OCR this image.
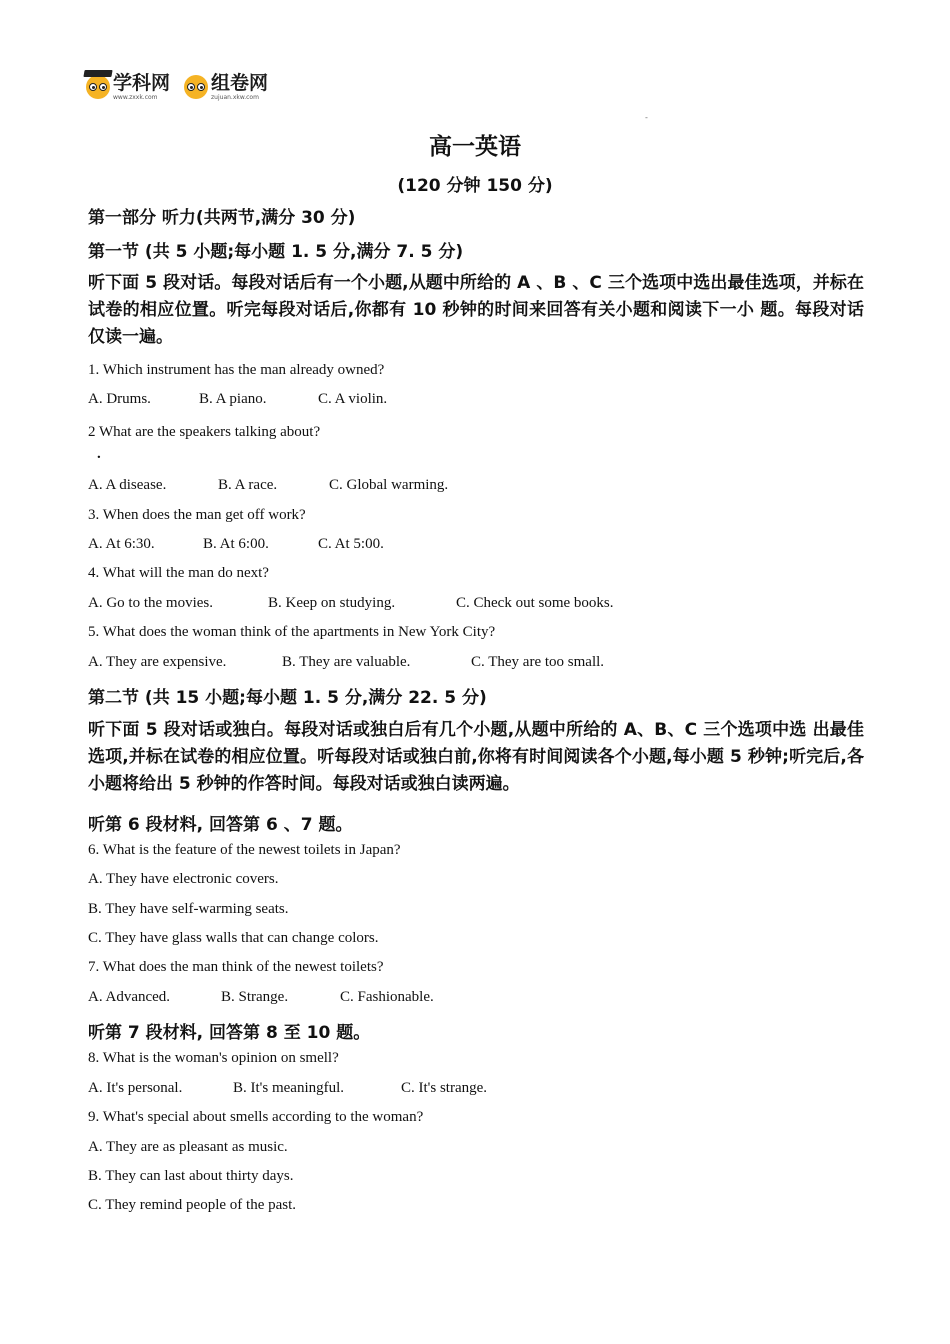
学科网
www.zxxk.com
组卷网
zujuan.xkw.com
-
高一英语
(120 分钟 150 分)
第一部分 听力(共两节,满分 30 分)
第一节 (共 5 小题;每小题 1. 5 分,满分 7. 5 分)
听下面 5 段对话。每段对话后有一个小题,从题中所给的 A 、B 、C 三个选项中选出最佳选项，并标在试卷的相应位置。听完每段对话后,你都有 10 秒钟的时间来回答有关小题和阅读下一小 题。每段对话仅读一遍。
1. Which instrument has the man already owned?
A. Drums.	B. A piano.	C. A violin.
2 What are the speakers talking about?
.
A. A disease.	B. A race.	C. Global warming.
3. When does the man get off work?
A. At 6:30.	B. At 6:00.	C. At 5:00.
4. What will the man do next?
A. Go to the movies.	B. Keep on studying.	C. Check out some books.
5. What does the woman think of the apartments in New York City?
A. They are expensive.	B. They are valuable.	C. They are too small.
第二节 (共 15 小题;每小题 1. 5 分,满分 22. 5 分)
听下面 5 段对话或独白。每段对话或独白后有几个小题,从题中所给的 A、B、C 三个选项中选 出最佳选项,并标在试卷的相应位置。听每段对话或独白前,你将有时间阅读各个小题,每小题 5 秒钟;听完后,各小题将给出 5 秒钟的作答时间。每段对话或独白读两遍。
听第 6 段材料, 回答第 6 、7 题。
6. What is the feature of the newest toilets in Japan?
A. They have electronic covers.
B. They have self-warming seats.
C. They have glass walls that can change colors.
7. What does the man think of the newest toilets?
A. Advanced.	B. Strange.	C. Fashionable.
听第 7 段材料, 回答第 8 至 10 题。
8. What is the woman's opinion on smell?
A. It's personal.	B. It's meaningful.	C. It's strange.
9. What's special about smells according to the woman?
A. They are as pleasant as music.
B. They can last about thirty days.
C. They remind people of the past.
